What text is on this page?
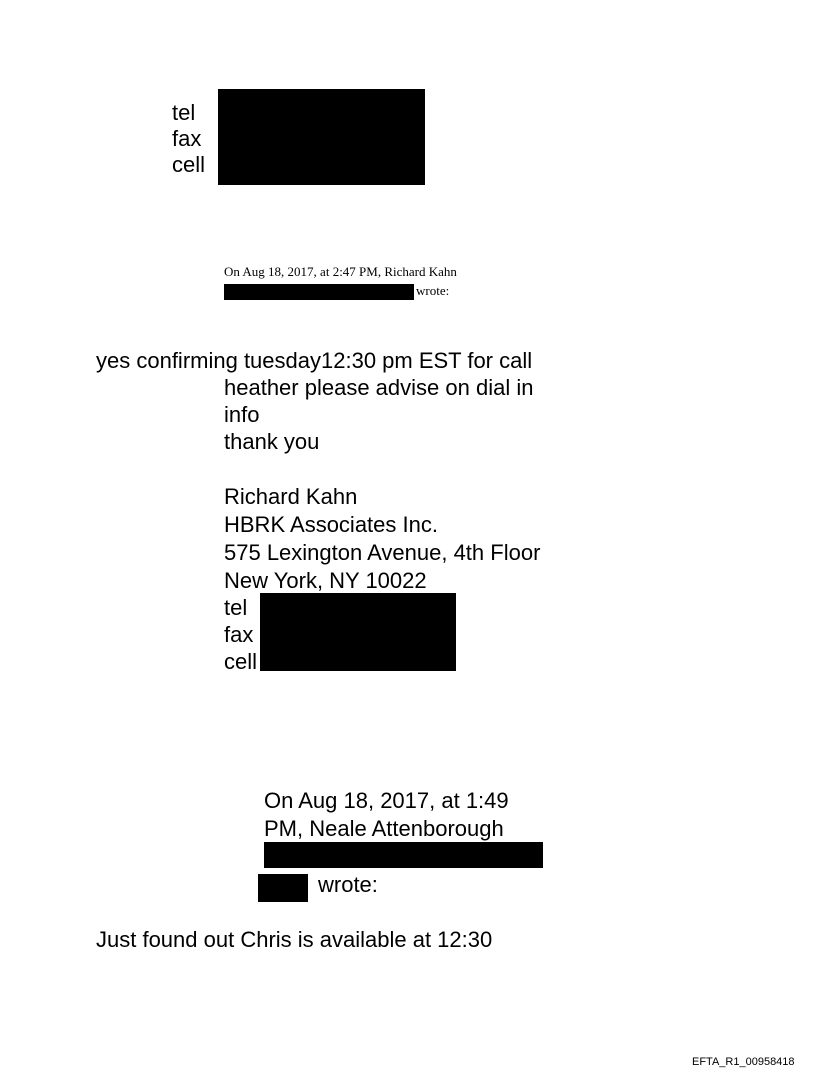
tel
fax
cell
On Aug 18, 2017, at 2:47 PM, Richard Kahn
wrote:
yes confirming tuesday12:30 pm EST for call
heather please advise on dial in
info
thank you
Richard Kahn
HBRK Associates Inc.
575 Lexington Avenue, 4th Floor
New York, NY 10022
tel
fax
cell
On Aug 18, 2017, at 1:49
PM, Neale Attenborough
wrote:
Just found out Chris is available at 12:30
EFTA_R1_00958418
